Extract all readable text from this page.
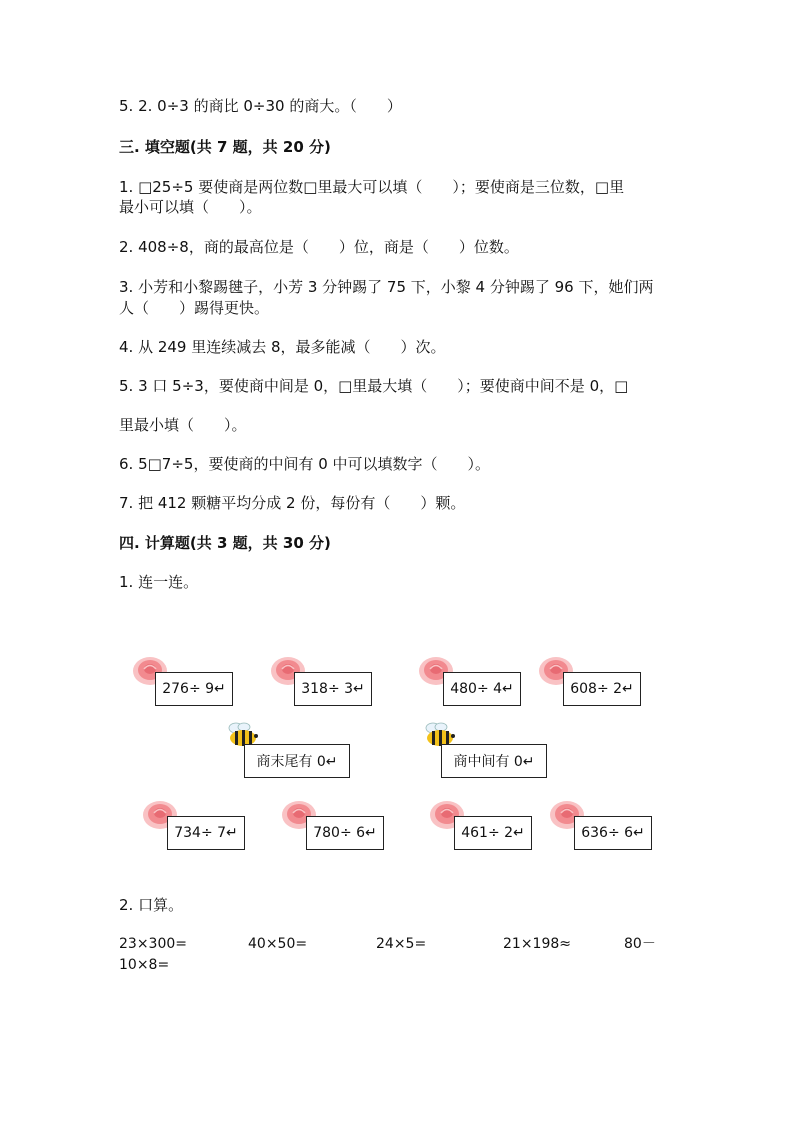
5. 2. 0÷3 的商比 0÷30 的商大。（　　）
三. 填空题(共 7 题，共 20 分)
1. □25÷5 要使商是两位数□里最大可以填（　　）；要使商是三位数，□里
最小可以填（　　）。
2. 408÷8，商的最高位是（　　）位，商是（　　）位数。
3. 小芳和小黎踢毽子，小芳 3 分钟踢了 75 下，小黎 4 分钟踢了 96 下，她们两
人（　　）踢得更快。
4. 从 249 里连续减去 8，最多能减（　　）次。
5. 3 口 5÷3，要使商中间是 0，□里最大填（　　）；要使商中间不是 0，□
里最小填（　　）。
6. 5□7÷5，要使商的中间有 0 中可以填数字（　　）。
7. 把 412 颗糖平均分成 2 份，每份有（　　）颗。
四. 计算题(共 3 题，共 30 分)
1. 连一连。
276÷ 9↵	318÷ 3↵	480÷ 4↵	608÷ 2↵
商末尾有 0↵	商中间有 0↵
734÷ 7↵	780÷ 6↵	461÷ 2↵	636÷ 6↵
2. 口算。
23×300=	40×50=	24×5=	21×198≈	80－
10×8=
